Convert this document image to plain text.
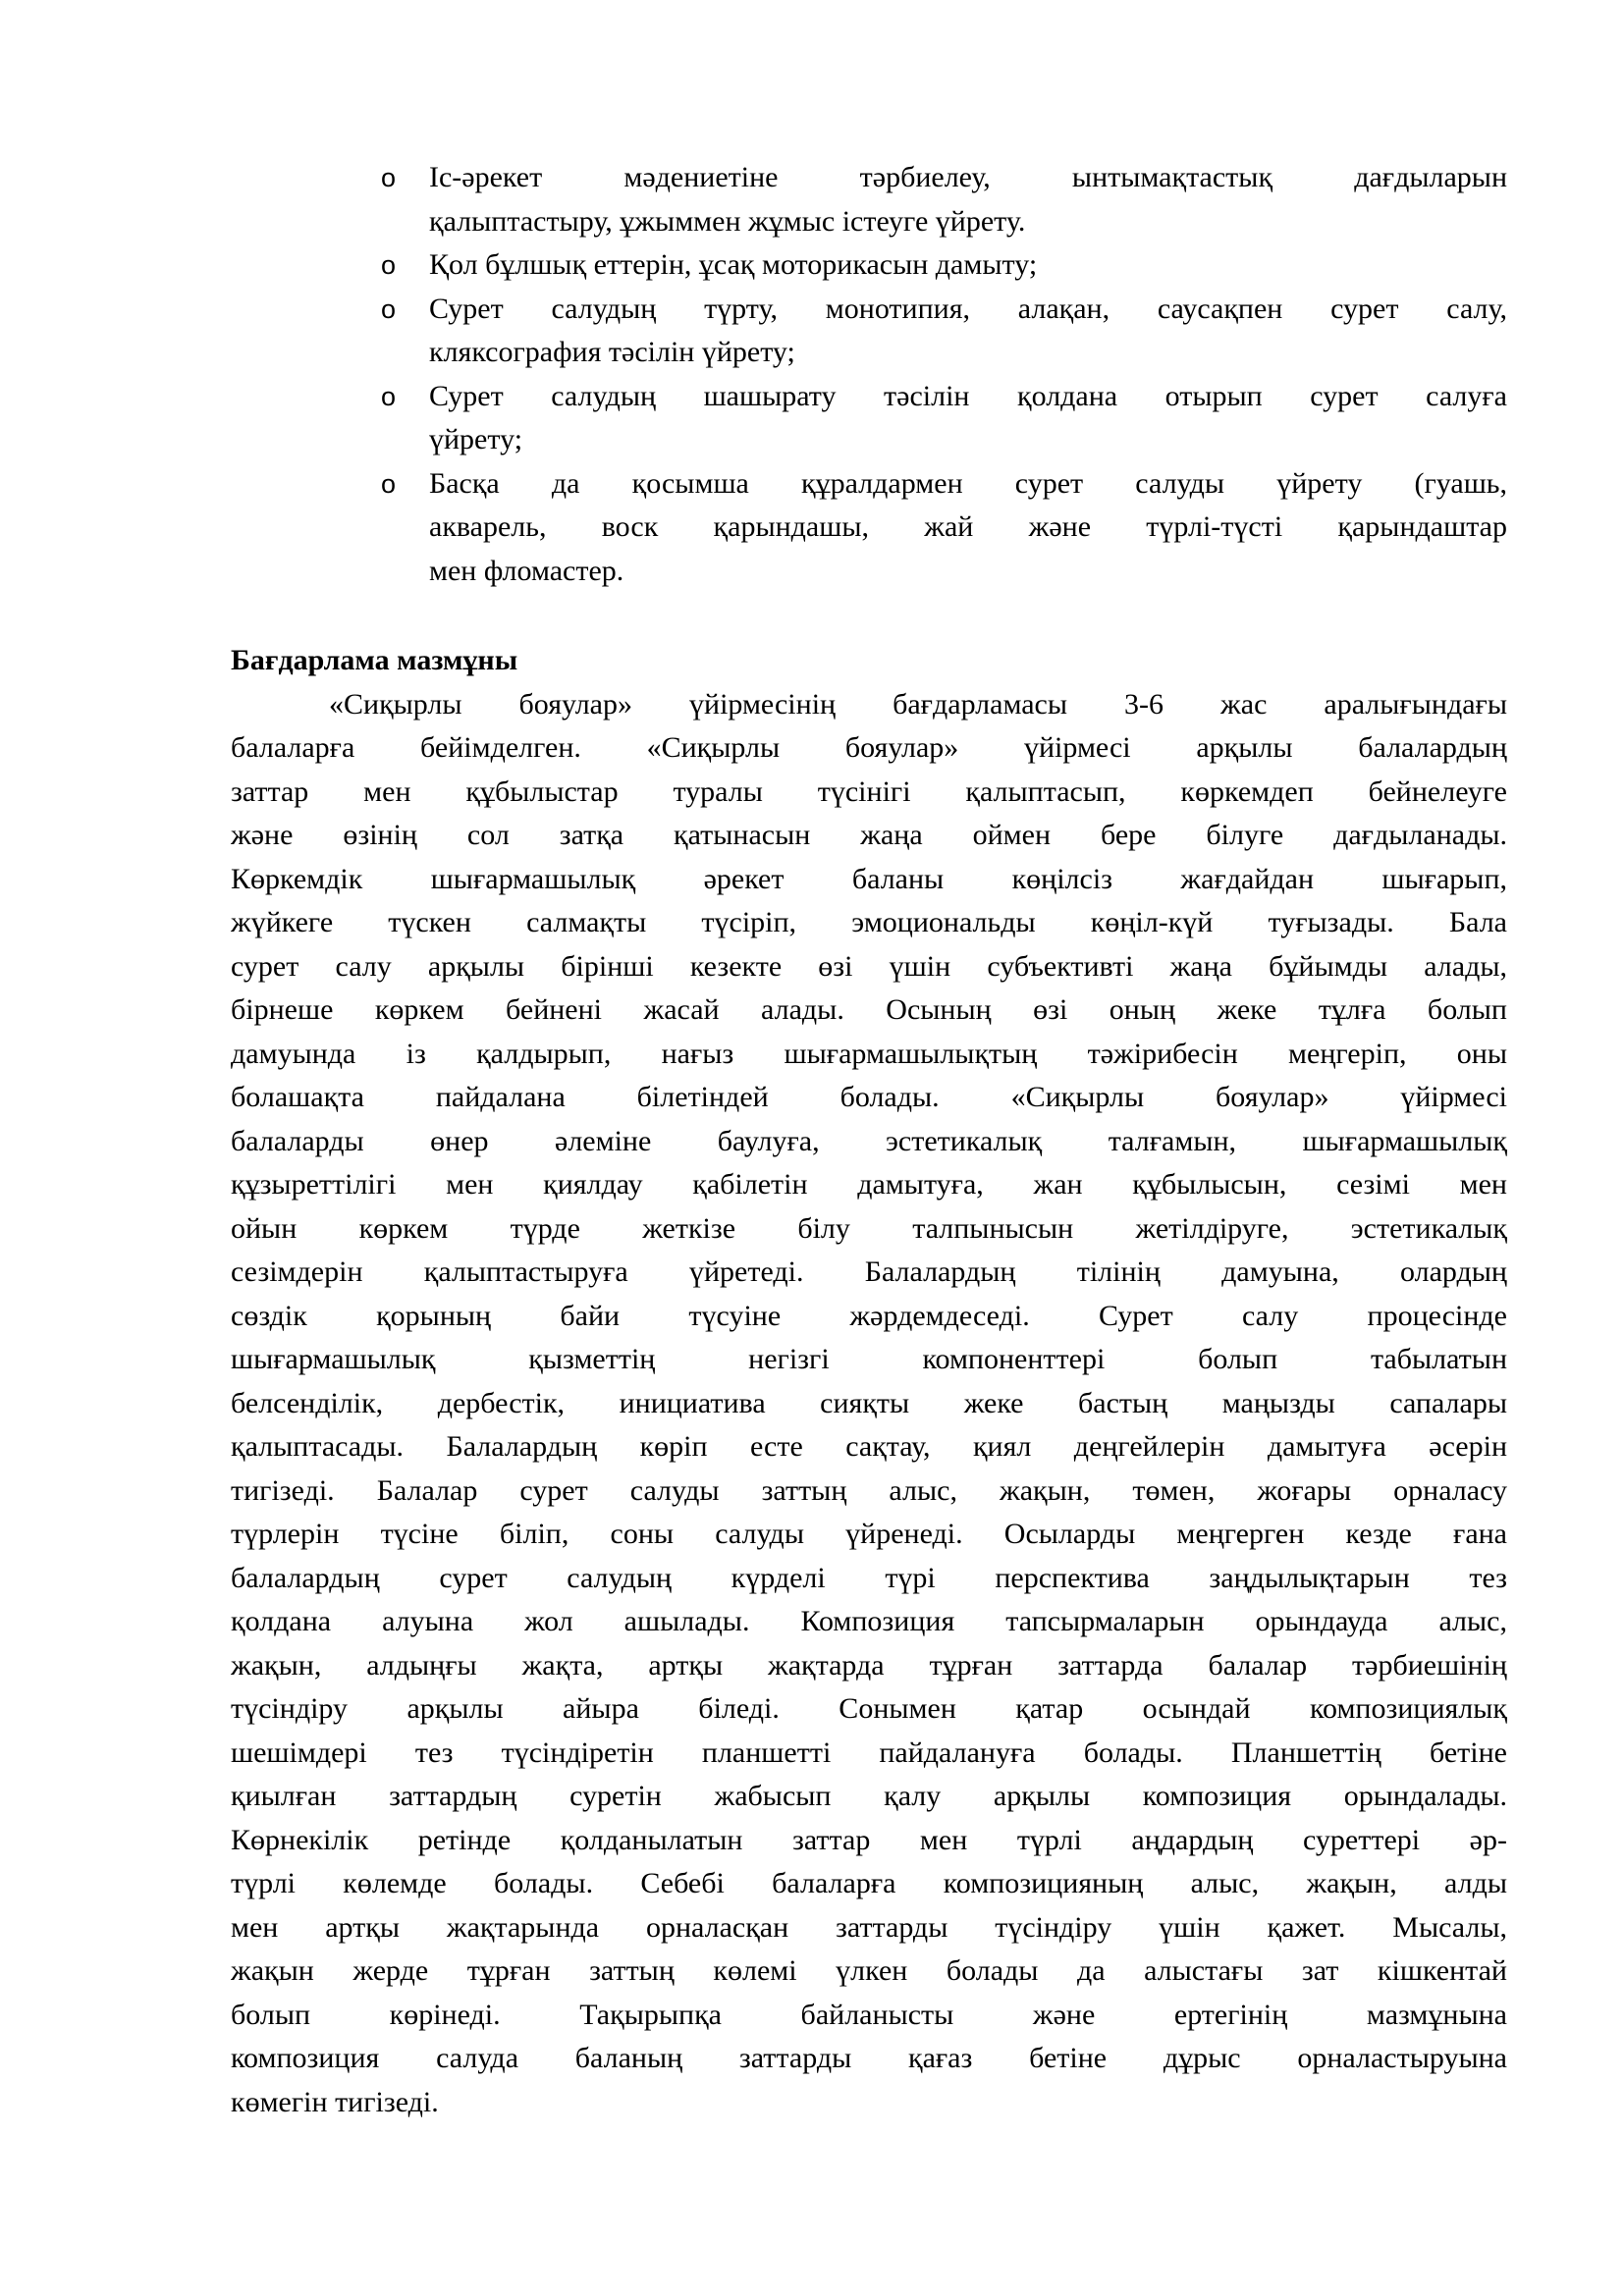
o Іс-әрекет мәдениетіне тәрбиелеу, ынтымақтастық дағдыларын
қалыптастыру, ұжыммен жұмыс істеуге үйрету.
o Қол бұлшық еттерін, ұсақ моторикасын дамыту;
o Сурет салудың түрту, монотипия, алақан, саусақпен сурет салу,
кляксография тәсілін үйрету;
o Сурет салудың шашырату тәсілін қолдана отырып сурет салуға
үйрету;
o Басқа да қосымша құралдармен сурет салуды үйрету (гуашь,
акварель, воск қарындашы, жай және түрлі-түсті қарындаштар
мен фломастер.
Бағдарлама мазмұны
«Сиқырлы бояулар» үйірмесінің бағдарламасы 3-6 жас аралығындағы
балаларға бейімделген. «Сиқырлы бояулар» үйірмесі арқылы балалардың
заттар мен құбылыстар туралы түсінігі қалыптасып, көркемдеп бейнелеуге
және өзінің сол затқа қатынасын жаңа оймен бере білуге дағдыланады.
Көркемдік шығармашылық әрекет баланы көңілсіз жағдайдан шығарып,
жүйкеге түскен салмақты түсіріп, эмоциональды көңіл-күй туғызады. Бала
сурет салу арқылы бірінші кезекте өзі үшін субъективті жаңа бұйымды алады,
бірнеше көркем бейнені жасай алады. Осының өзі оның жеке тұлға болып
дамуында із қалдырып, нағыз шығармашылықтың тәжірибесін меңгеріп, оны
болашақта пайдалана білетіндей болады. «Сиқырлы бояулар» үйірмесі
балаларды өнер әлеміне баулуға, эстетикалық талғамын, шығармашылық
құзыреттілігі мен қиялдау қабілетін дамытуға, жан құбылысын, сезімі мен
ойын көркем түрде жеткізе білу талпынысын жетілдіруге, эстетикалық
сезімдерін қалыптастыруға үйретеді. Балалардың тілінің дамуына, олардың
сөздік қорының байи түсуіне жәрдемдеседі. Сурет салу процесінде
шығармашылық қызметтің негізгі компоненттері болып табылатын
белсенділік, дербестік, инициатива сияқты жеке бастың маңызды сапалары
қалыптасады. Балалардың көріп есте сақтау, қиял деңгейлерін дамытуға әсерін
тигізеді. Балалар сурет салуды заттың алыс, жақын, төмен, жоғары орналасу
түрлерін түсіне біліп, соны салуды үйренеді. Осыларды меңгерген кезде ғана
балалардың сурет салудың күрделі түрі перспектива заңдылықтарын тез
қолдана алуына жол ашылады. Композиция тапсырмаларын орындауда алыс,
жақын, алдыңғы жақта, артқы жақтарда тұрған заттарда балалар тәрбиешінің
түсіндіру арқылы айыра біледі. Сонымен қатар осындай композициялық
шешімдері тез түсіндіретін планшетті пайдалануға болады. Планшеттің бетіне
қиылған заттардың суретін жабысып қалу арқылы композиция орындалады.
Көрнекілік ретінде қолданылатын заттар мен түрлі аңдардың суреттері әр-
түрлі көлемде болады. Себебі балаларға композицияның алыс, жақын, алды
мен артқы жақтарында орналасқан заттарды түсіндіру үшін қажет. Мысалы,
жақын жерде тұрған заттың көлемі үлкен болады да алыстағы зат кішкентай
болып көрінеді. Тақырыпқа байланысты және ертегінің мазмұнына
композиция салуда баланың заттарды қағаз бетіне дұрыс орналастыруына
көмегін тигізеді.
